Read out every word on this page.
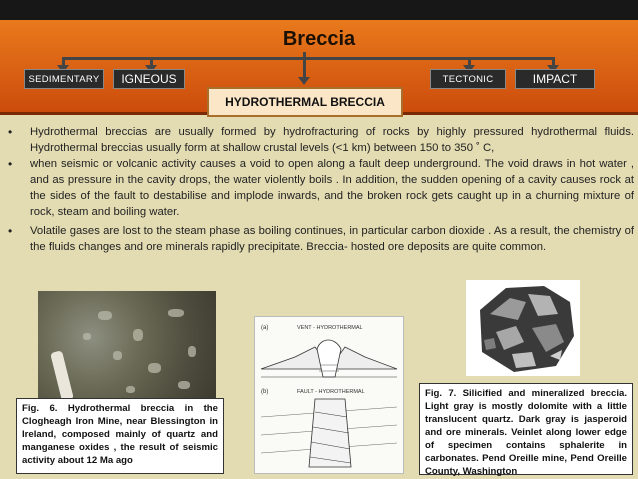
Breccia
SEDIMENTARY	IGNEOUS	TECTONIC	IMPACT
HYDROTHERMAL BRECCIA
• Hydrothermal breccias are usually formed by hydrofracturing of rocks by highly pressured hydrothermal fluids. Hydrothermal breccias usually form at shallow crustal levels (<1 km) between 150 to 350 ˚ C,
• when seismic or volcanic activity causes a void to open along a fault deep underground. The void draws in hot water , and as pressure in the cavity drops, the water violently boils . In addition, the sudden opening of a cavity causes rock at the sides of the fault to destabilise and implode inwards, and the broken rock gets caught up in a churning mixture of rock, steam and boiling water.
• Volatile gases are lost to the steam phase as boiling continues, in particular carbon dioxide . As a result, the chemistry of the fluids changes and ore minerals rapidly precipitate. Breccia- hosted ore deposits are quite common.
Fig. 6. Hydrothermal breccia in the Clogheagh Iron Mine, near Blessington in Ireland, composed mainly of quartz and manganese oxides , the result of seismic activity about 12 Ma ago
(a)	VENT - HYDROTHERMAL
(b)	FAULT - HYDROTHERMAL	Fig. 7. Silicified and mineralized breccia. Light gray is mostly dolomite with a little translucent quartz. Dark gray is jasperoid and ore minerals. Veinlet along lower edge of specimen contains sphalerite in carbonates. Pend Oreille mine, Pend Oreille County, Washington
